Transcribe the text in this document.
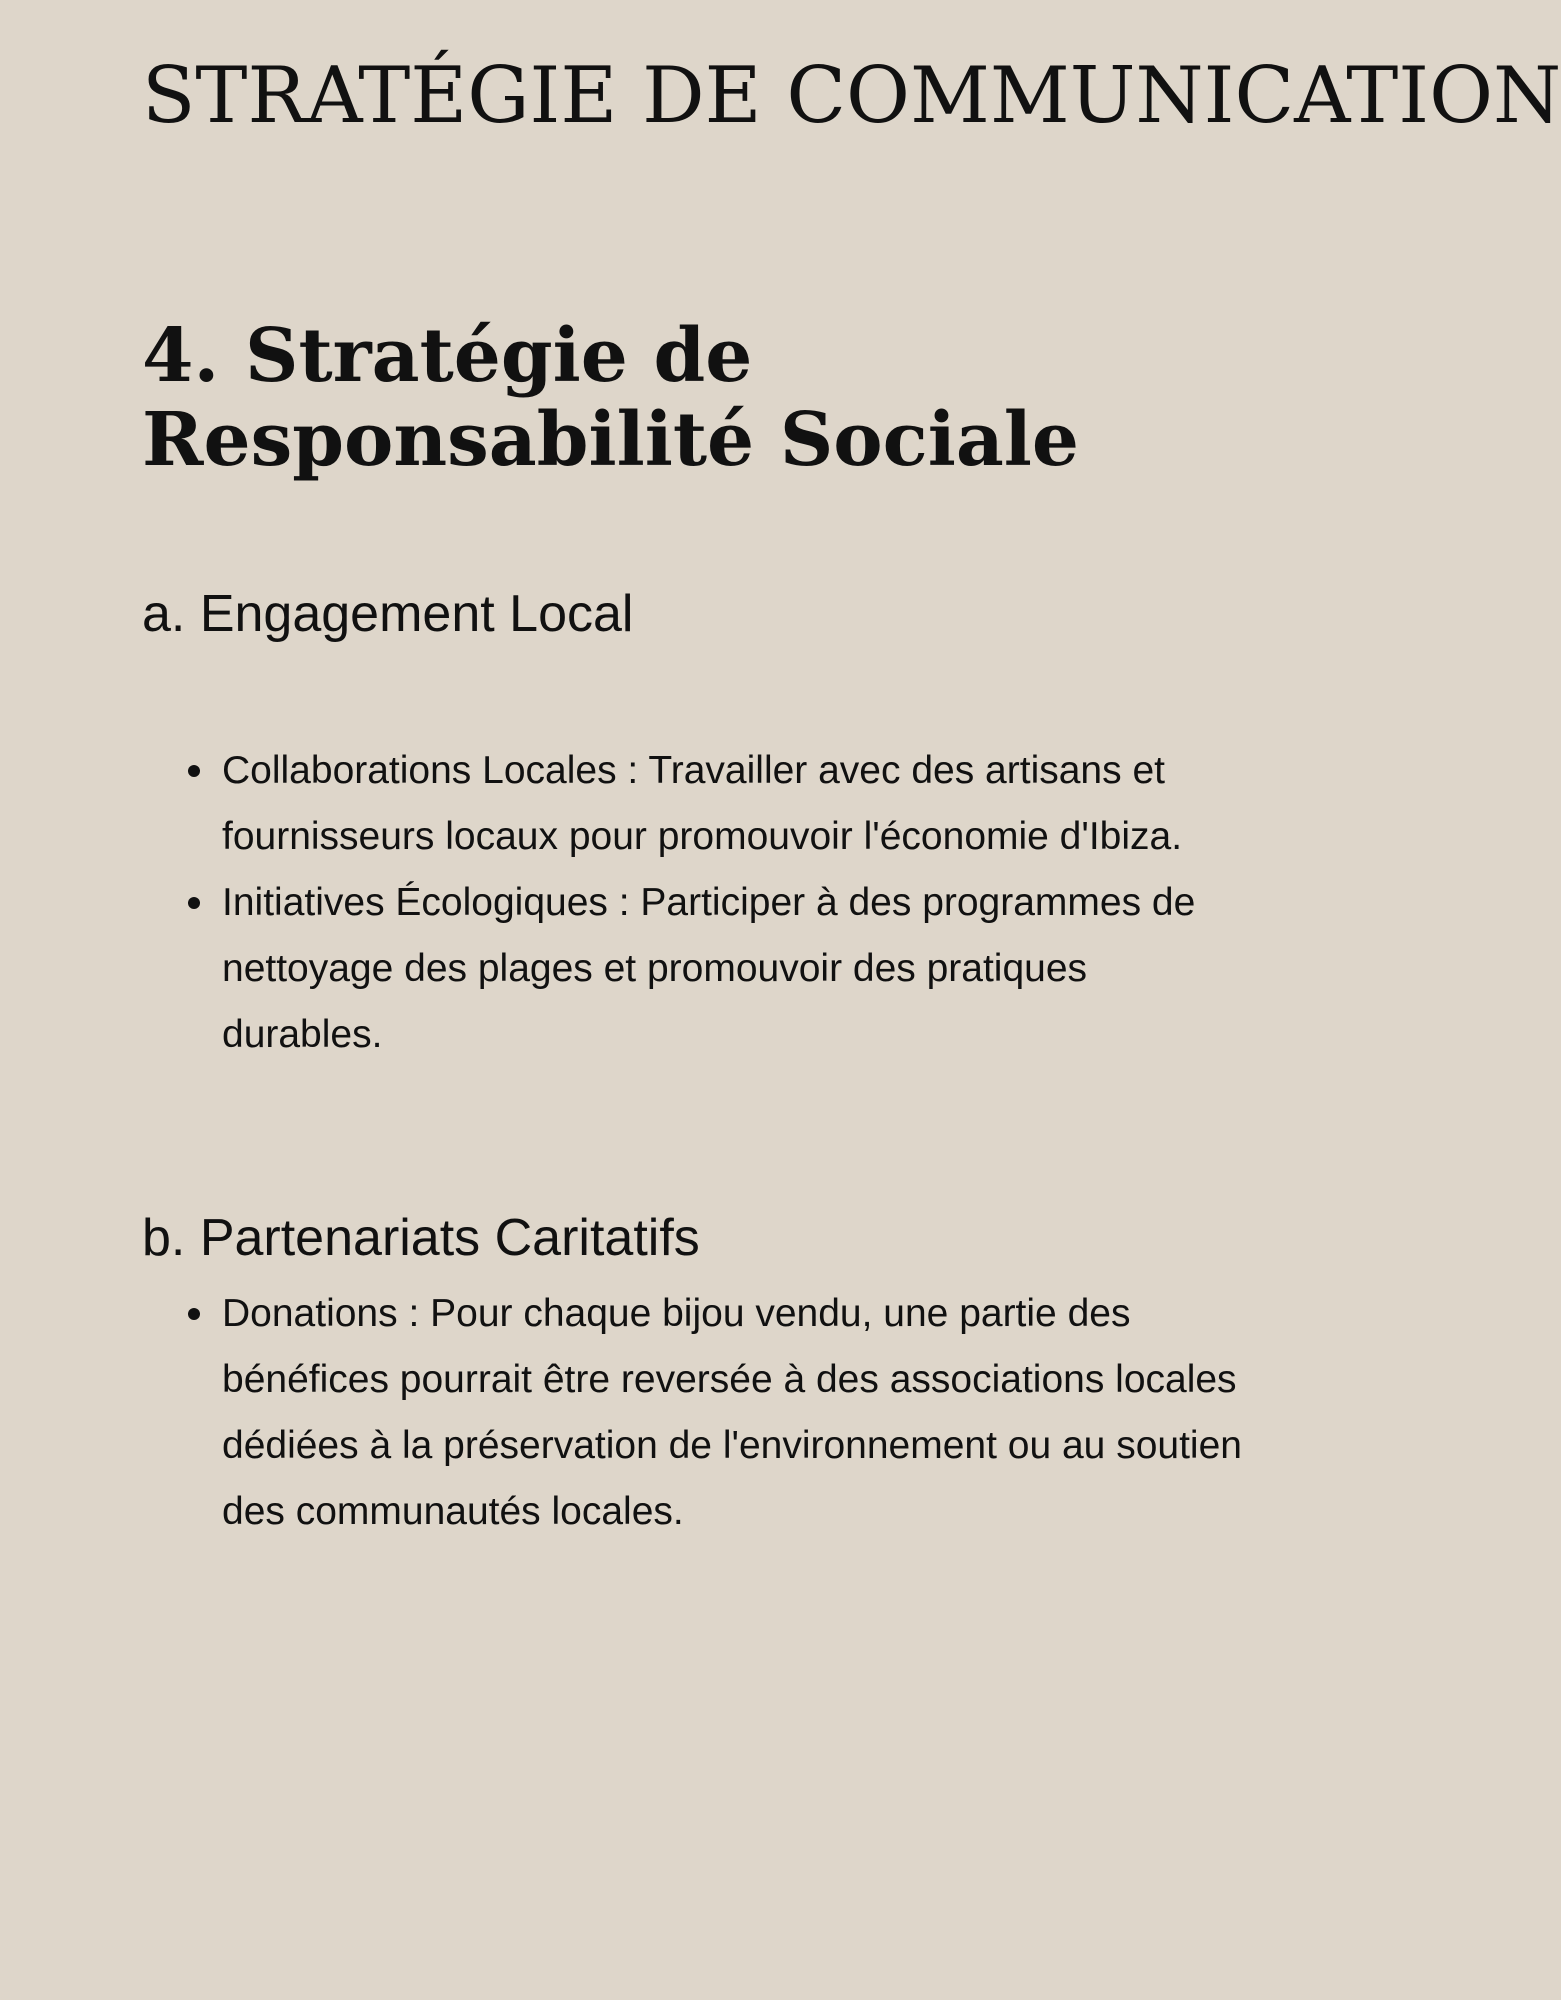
STRATÉGIE DE COMMUNICATION
4. Stratégie de Responsabilité Sociale
a. Engagement Local
Collaborations Locales : Travailler avec des artisans et fournisseurs locaux pour promouvoir l'économie d'Ibiza.
Initiatives Écologiques : Participer à des programmes de nettoyage des plages et promouvoir des pratiques durables.
b. Partenariats Caritatifs
Donations : Pour chaque bijou vendu, une partie des bénéfices pourrait être reversée à des associations locales dédiées à la préservation de l'environnement ou au soutien des communautés locales.
